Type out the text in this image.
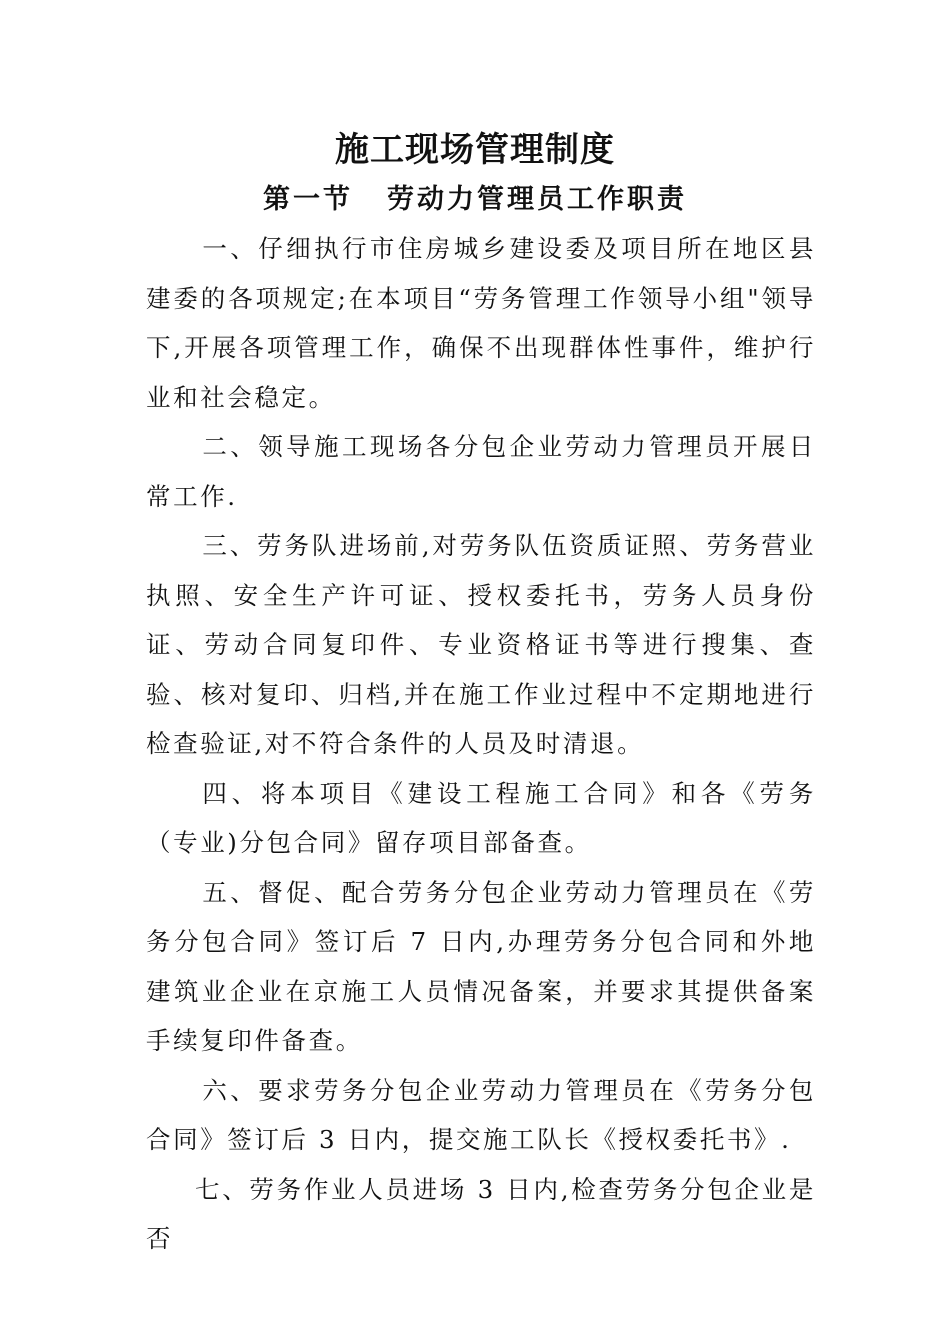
施工现场管理制度
第一节 劳动力管理员工作职责

一、仔细执行市住房城乡建设委及项目所在地区县建委的各项规定;在本项目“劳务管理工作领导小组"领导下,开展各项管理工作，确保不出现群体性事件，维护行业和社会稳定。

二、领导施工现场各分包企业劳动力管理员开展日常工作.

三、劳务队进场前,对劳务队伍资质证照、劳务营业执照、安全生产许可证、授权委托书，劳务人员身份证、劳动合同复印件、专业资格证书等进行搜集、查验、核对复印、归档,并在施工作业过程中不定期地进行检查验证,对不符合条件的人员及时清退。

四、将本项目《建设工程施工合同》和各《劳务（专业)分包合同》留存项目部备查。

五、督促、配合劳务分包企业劳动力管理员在《劳务分包合同》签订后 7 日内,办理劳务分包合同和外地建筑业企业在京施工人员情况备案，并要求其提供备案手续复印件备查。

六、要求劳务分包企业劳动力管理员在《劳务分包合同》签订后 3 日内，提交施工队长《授权委托书》.

七、劳务作业人员进场 3 日内,检查劳务分包企业是否
